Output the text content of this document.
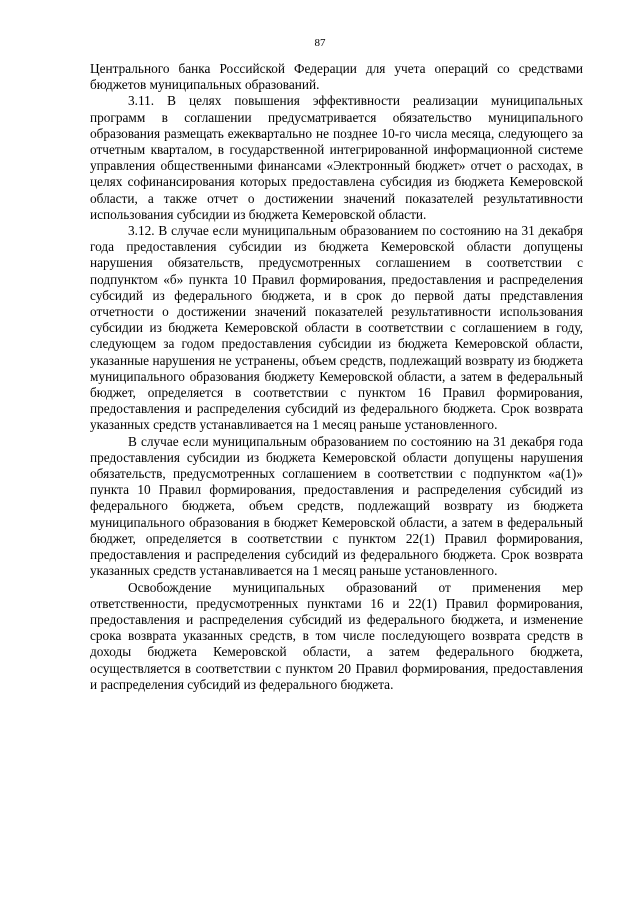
87

Центрального банка Российской Федерации для учета операций со средствами бюджетов муниципальных образований.

3.11. В целях повышения эффективности реализации муниципальных программ в соглашении предусматривается обязательство муниципального образования размещать ежеквартально не позднее 10-го числа месяца, следующего за отчетным кварталом, в государственной интегрированной информационной системе управления общественными финансами «Электронный бюджет» отчет о расходах, в целях софинансирования которых предоставлена субсидия из бюджета Кемеровской области, а также отчет о достижении значений показателей результативности использования субсидии из бюджета Кемеровской области.

3.12. В случае если муниципальным образованием по состоянию на 31 декабря года предоставления субсидии из бюджета Кемеровской области допущены нарушения обязательств, предусмотренных соглашением в соответствии с подпунктом «б» пункта 10 Правил формирования, предоставления и распределения субсидий из федерального бюджета, и в срок до первой даты представления отчетности о достижении значений показателей результативности использования субсидии из бюджета Кемеровской области в соответствии с соглашением в году, следующем за годом предоставления субсидии из бюджета Кемеровской области, указанные нарушения не устранены, объем средств, подлежащий возврату из бюджета муниципального образования бюджету Кемеровской области, а затем в федеральный бюджет, определяется в соответствии с пунктом 16 Правил формирования, предоставления и распределения субсидий из федерального бюджета. Срок возврата указанных средств устанавливается на 1 месяц раньше установленного.

В случае если муниципальным образованием по состоянию на 31 декабря года предоставления субсидии из бюджета Кемеровской области допущены нарушения обязательств, предусмотренных соглашением в соответствии с подпунктом «а(1)» пункта 10 Правил формирования, предоставления и распределения субсидий из федерального бюджета, объем средств, подлежащий возврату из бюджета муниципального образования в бюджет Кемеровской области, а затем в федеральный бюджет, определяется в соответствии с пунктом 22(1) Правил формирования, предоставления и распределения субсидий из федерального бюджета. Срок возврата указанных средств устанавливается на 1 месяц раньше установленного.

Освобождение муниципальных образований от применения мер ответственности, предусмотренных пунктами 16 и 22(1) Правил формирования, предоставления и распределения субсидий из федерального бюджета, и изменение срока возврата указанных средств, в том числе последующего возврата средств в доходы бюджета Кемеровской области, а затем федерального бюджета, осуществляется в соответствии с пунктом 20 Правил формирования, предоставления и распределения субсидий из федерального бюджета.
